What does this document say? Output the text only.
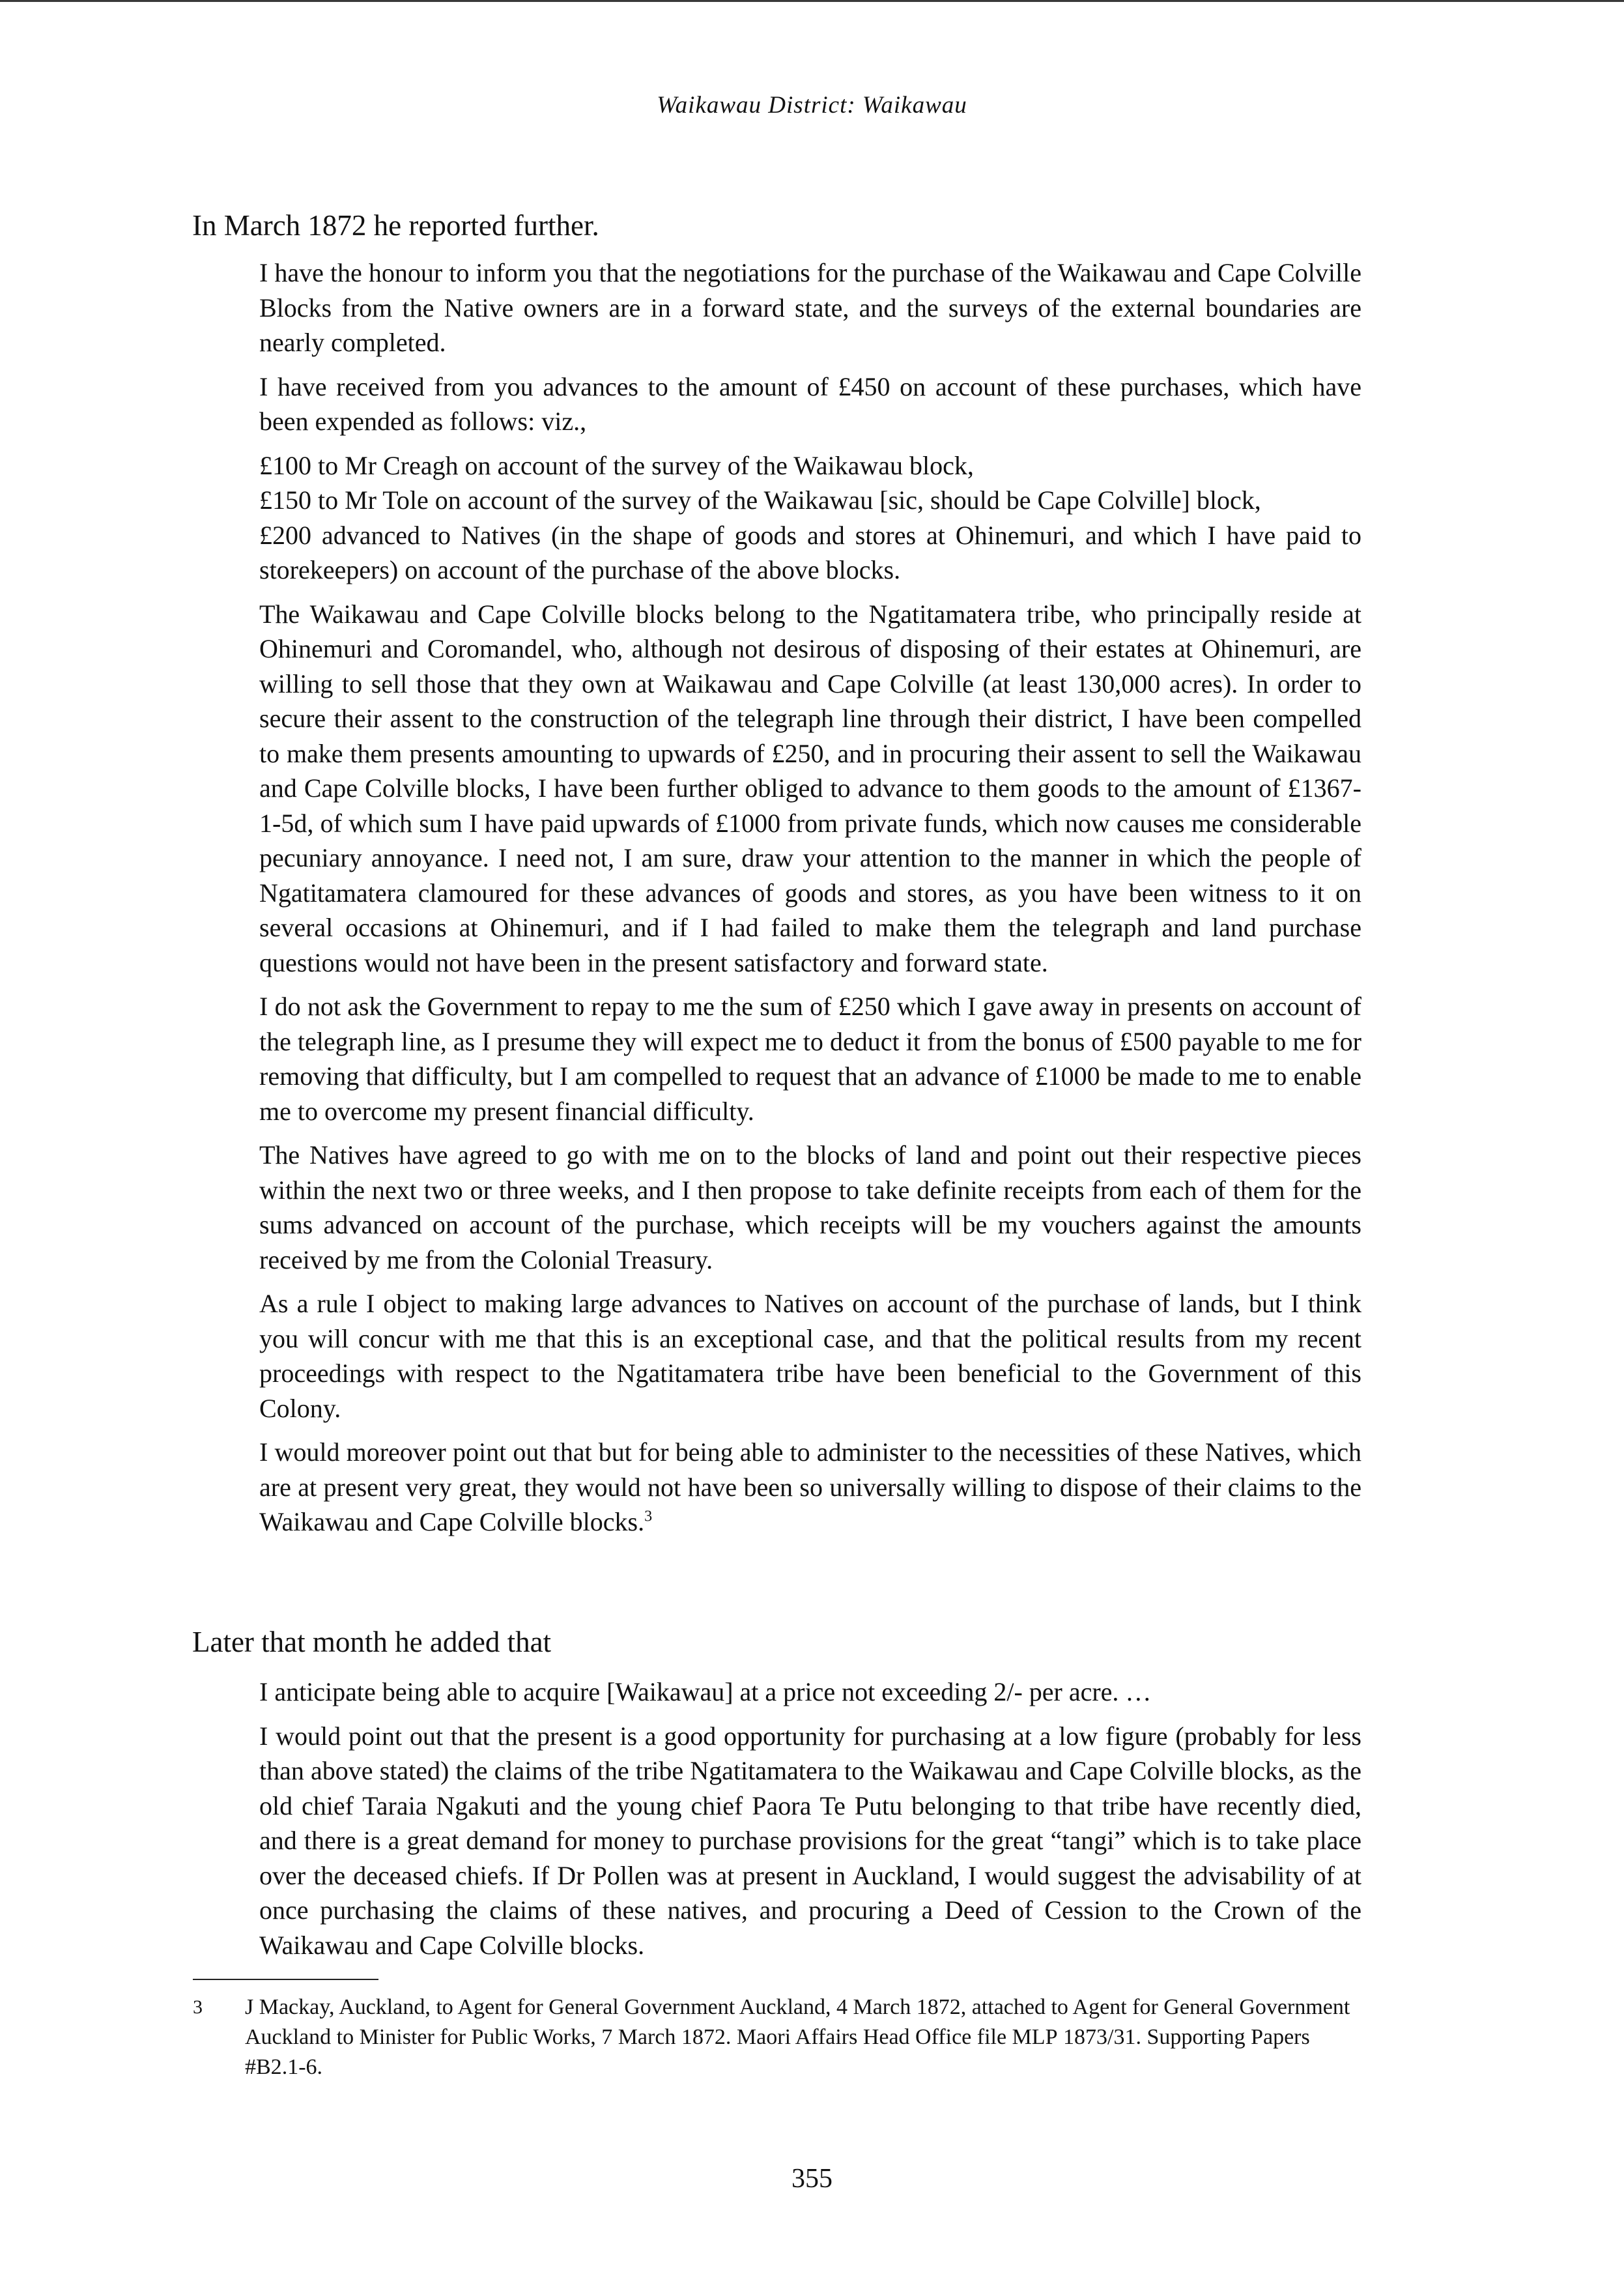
Waikawau District: Waikawau
In March 1872 he reported further.

I have the honour to inform you that the negotiations for the purchase of the Waikawau and Cape Colville Blocks from the Native owners are in a forward state, and the surveys of the external boundaries are nearly completed.

I have received from you advances to the amount of £450 on account of these purchases, which have been expended as follows: viz.,

£100 to Mr Creagh on account of the survey of the Waikawau block,

£150 to Mr Tole on account of the survey of the Waikawau [sic, should be Cape Colville] block,

£200 advanced to Natives (in the shape of goods and stores at Ohinemuri, and which I have paid to storekeepers) on account of the purchase of the above blocks.

The Waikawau and Cape Colville blocks belong to the Ngatitamatera tribe, who principally reside at Ohinemuri and Coromandel, who, although not desirous of disposing of their estates at Ohinemuri, are willing to sell those that they own at Waikawau and Cape Colville (at least 130,000 acres). In order to secure their assent to the construction of the telegraph line through their district, I have been compelled to make them presents amounting to upwards of £250, and in procuring their assent to sell the Waikawau and Cape Colville blocks, I have been further obliged to advance to them goods to the amount of £1367-1-5d, of which sum I have paid upwards of £1000 from private funds, which now causes me considerable pecuniary annoyance. I need not, I am sure, draw your attention to the manner in which the people of Ngatitamatera clamoured for these advances of goods and stores, as you have been witness to it on several occasions at Ohinemuri, and if I had failed to make them the telegraph and land purchase questions would not have been in the present satisfactory and forward state.

I do not ask the Government to repay to me the sum of £250 which I gave away in presents on account of the telegraph line, as I presume they will expect me to deduct it from the bonus of £500 payable to me for removing that difficulty, but I am compelled to request that an advance of £1000 be made to me to enable me to overcome my present financial difficulty.

The Natives have agreed to go with me on to the blocks of land and point out their respective pieces within the next two or three weeks, and I then propose to take definite receipts from each of them for the sums advanced on account of the purchase, which receipts will be my vouchers against the amounts received by me from the Colonial Treasury.

As a rule I object to making large advances to Natives on account of the purchase of lands, but I think you will concur with me that this is an exceptional case, and that the political results from my recent proceedings with respect to the Ngatitamatera tribe have been beneficial to the Government of this Colony.

I would moreover point out that but for being able to administer to the necessities of these Natives, which are at present very great, they would not have been so universally willing to dispose of their claims to the Waikawau and Cape Colville blocks.$^3$

Later that month he added that

I anticipate being able to acquire [Waikawau] at a price not exceeding 2/- per acre. …

I would point out that the present is a good opportunity for purchasing at a low figure (probably for less than above stated) the claims of the tribe Ngatitamatera to the Waikawau and Cape Colville blocks, as the old chief Taraia Ngakuti and the young chief Paora Te Putu belonging to that tribe have recently died, and there is a great demand for money to purchase provisions for the great “tangi” which is to take place over the deceased chiefs. If Dr Pollen was at present in Auckland, I would suggest the advisability of at once purchasing the claims of these natives, and procuring a Deed of Cession to the Crown of the Waikawau and Cape Colville blocks.

3 J Mackay, Auckland, to Agent for General Government Auckland, 4 March 1872, attached to Agent for General Government Auckland to Minister for Public Works, 7 March 1872. Maori Affairs Head Office file MLP 1873/31. Supporting Papers #B2.1-6.
355
